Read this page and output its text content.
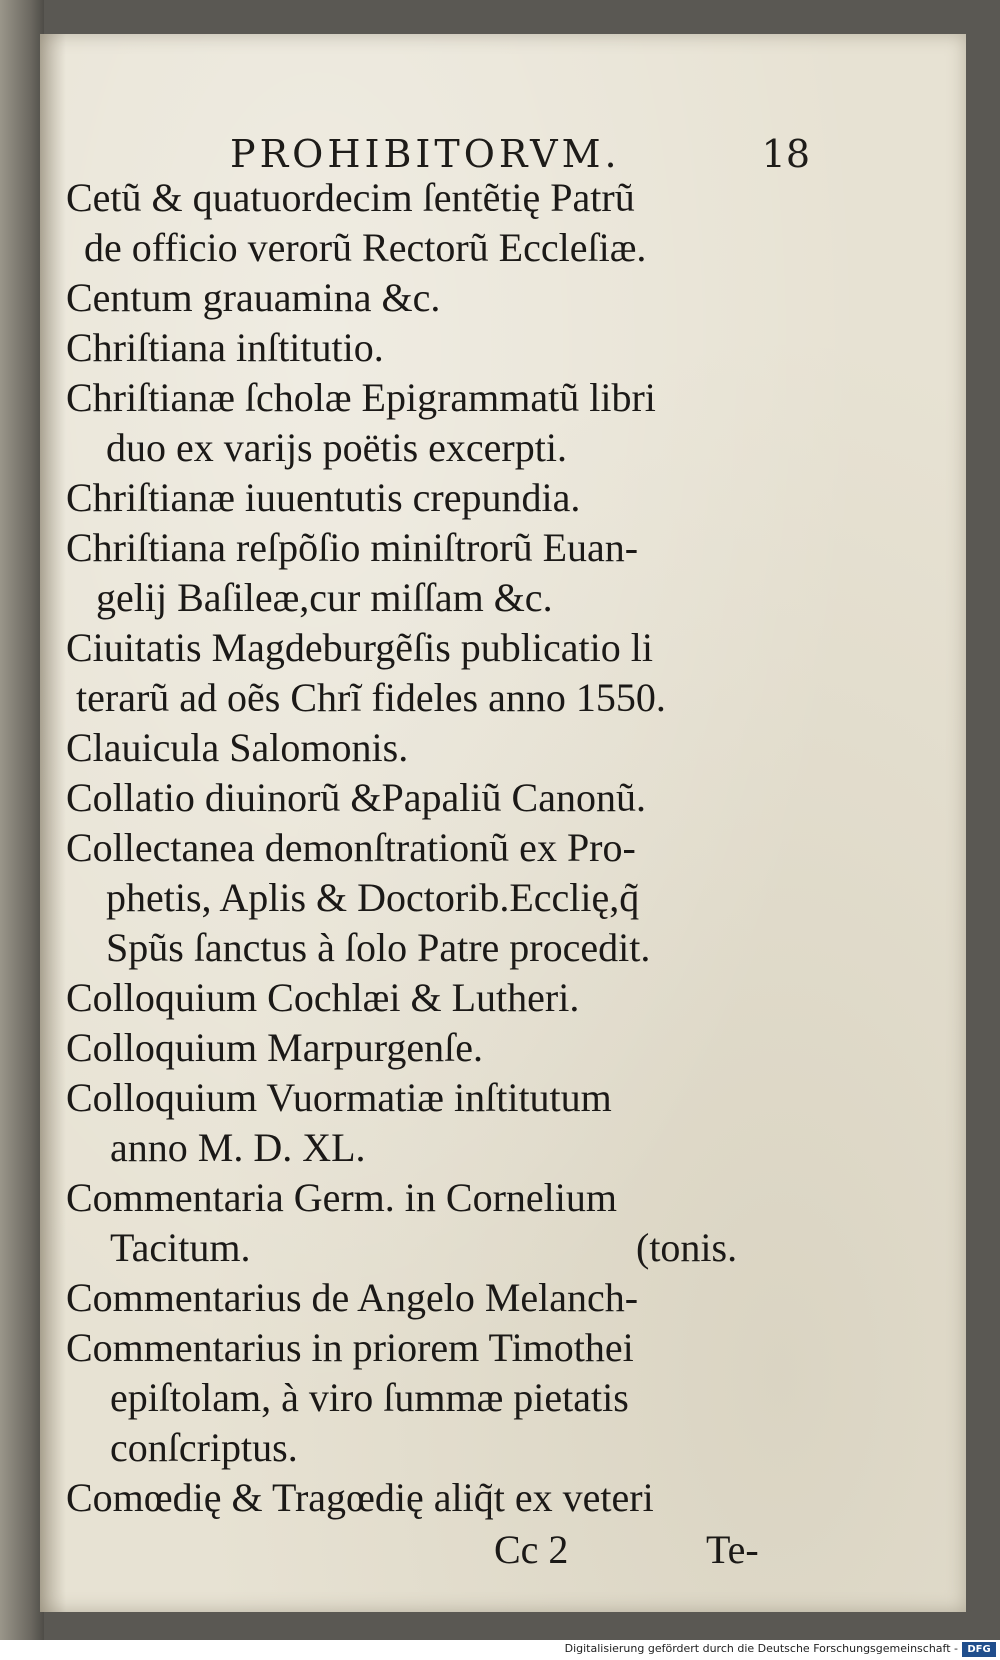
PROHIBITORVM.	18
Cetũ & quatuordecim ſentẽtię Patrũ
de officio verorũ Rectorũ Eccleſiæ.
Centum grauamina &c.
Chriſtiana inſtitutio.
Chriſtianæ ſcholæ Epigrammatũ libri
duo ex varijs poëtis excerpti.
Chriſtianæ iuuentutis crepundia.
Chriſtiana reſpõſio miniſtrorũ Euan-
gelij Baſileæ,cur miſſam &c.
Ciuitatis Magdeburgẽſis publicatio li
terarũ ad oẽs Chrĩ fideles anno 1550.
Clauicula Salomonis.
Collatio diuinorũ &Papaliũ Canonũ.
Collectanea demonſtrationũ ex Pro-
phetis, Aplis & Doctorib.Ecclię,q̃
Spũs ſanctus à ſolo Patre procedit.
Colloquium Cochlæi & Lutheri.
Colloquium Marpurgenſe.
Colloquium Vuormatiæ inſtitutum
anno M. D. XL.
Commentaria Germ. in Cornelium
Tacitum.	(tonis.
Commentarius de Angelo Melanch-
Commentarius in priorem Timothei
epiſtolam, à viro ſummæ pietatis
conſcriptus.
Comœdię & Tragœdię aliq̃t ex veteri
Cc 2	Te-
Digitalisierung gefördert durch die Deutsche Forschungsgemeinschaft - DFG
